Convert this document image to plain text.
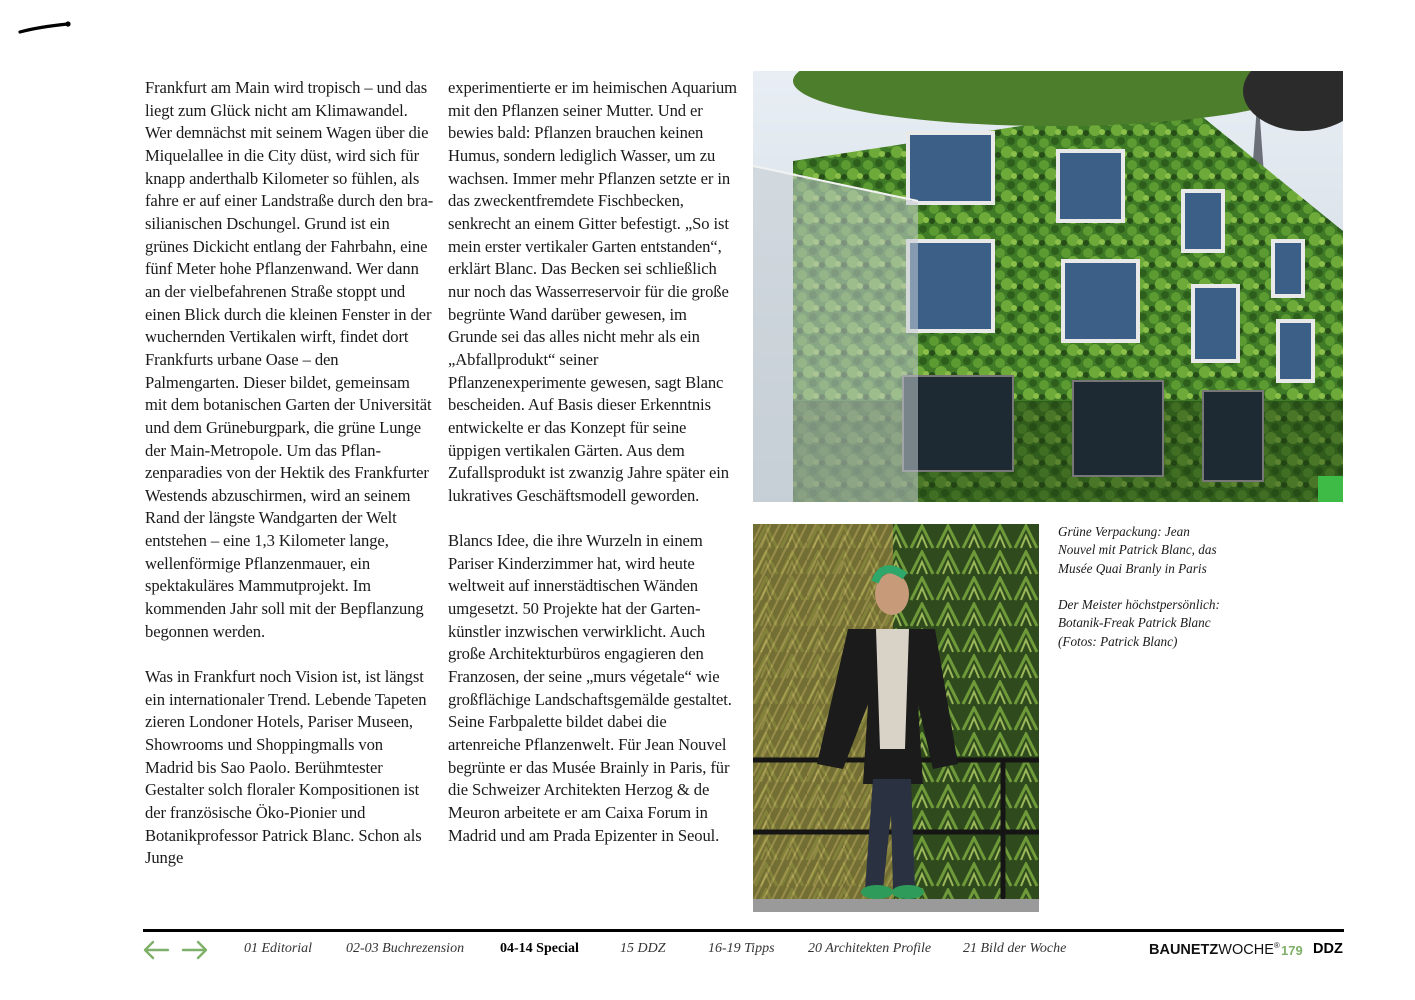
Frankfurt am Main wird tropisch – und das liegt zum Glück nicht am Klimawandel. Wer demnächst mit seinem Wagen über die Miquelallee in die City düst, wird sich für knapp anderthalb Kilometer so fühlen, als fahre er auf einer Landstraße durch den brasilianischen Dschungel. Grund ist ein grünes Dickicht entlang der Fahrbahn, eine fünf Meter hohe Pflanzenwand. Wer dann an der vielbefahrenen Straße stoppt und einen Blick durch die kleinen Fenster in der wuchernden Vertikalen wirft, findet dort Frankfurts urbane Oase – den Palmengarten. Dieser bildet, gemeinsam mit dem botanischen Garten der Universität und dem Grüneburgpark, die grüne Lunge der Main-Metropole. Um das Pflanzenparadies von der Hektik des Frankfurter Westends abzuschirmen, wird an seinem Rand der längste Wandgarten der Welt entstehen – eine 1,3 Kilometer lange, wellenförmige Pflanzenmauer, ein spektakuläres Mammutprojekt. Im kommenden Jahr soll mit der Bepflanzung begonnen werden.

Was in Frankfurt noch Vision ist, ist längst ein internationaler Trend. Lebende Tapeten zieren Londoner Hotels, Pariser Museen, Showrooms und Shoppingmalls von Madrid bis Sao Paolo. Berühmtester Gestalter solch floraler Kompositionen ist der französische Öko-Pionier und Botanikprofessor Patrick Blanc. Schon als Junge

experimentierte er im heimischen Aquarium mit den Pflanzen seiner Mutter. Und er bewies bald: Pflanzen brauchen keinen Humus, sondern lediglich Wasser, um zu wachsen. Immer mehr Pflanzen setzte er in das zweckentfremdete Fischbecken, senkrecht an einem Gitter befestigt. „So ist mein erster vertikaler Garten entstanden“, erklärt Blanc. Das Becken sei schließlich nur noch das Wasserreservoir für die große begrünte Wand darüber gewesen, im Grunde sei das alles nicht mehr als ein „Abfallprodukt“ seiner Pflanzenexperimente gewesen, sagt Blanc bescheiden. Auf Basis dieser Erkenntnis entwickelte er das Konzept für seine üppigen vertikalen Gärten. Aus dem Zufallsprodukt ist zwanzig Jahre später ein lukratives Geschäftsmodell geworden.

Blancs Idee, die ihre Wurzeln in einem Pariser Kinderzimmer hat, wird heute weltweit auf innerstädtischen Wänden umgesetzt. 50 Projekte hat der Gartenkünstler inzwischen verwirklicht. Auch große Architekturbüros engagieren den Franzosen, der seine „murs végetale“ wie großflächige Landschaftsgemälde gestaltet. Seine Farbpalette bildet dabei die artenreiche Pflanzenwelt. Für Jean Nouvel begrünte er das Musée Brainly in Paris, für die Schweizer Architekten Herzog & de Meuron arbeitete er am Caixa Forum in Madrid und am Prada Epizenter in Seoul.

Grüne Verpackung: Jean
Nouvel mit Patrick Blanc, das
Musée Quai Branly in Paris
Der Meister höchstpersönlich:
Botanik-Freak Patrick Blanc
(Fotos: Patrick Blanc)
01 Editorial 02-03 Buchrezension	04-14 Special	15 DDZ	16-19 Tipps 20 Architekten Profile 21 Bild der Woche	BAUNETZWOCHE® 179 DDZ
